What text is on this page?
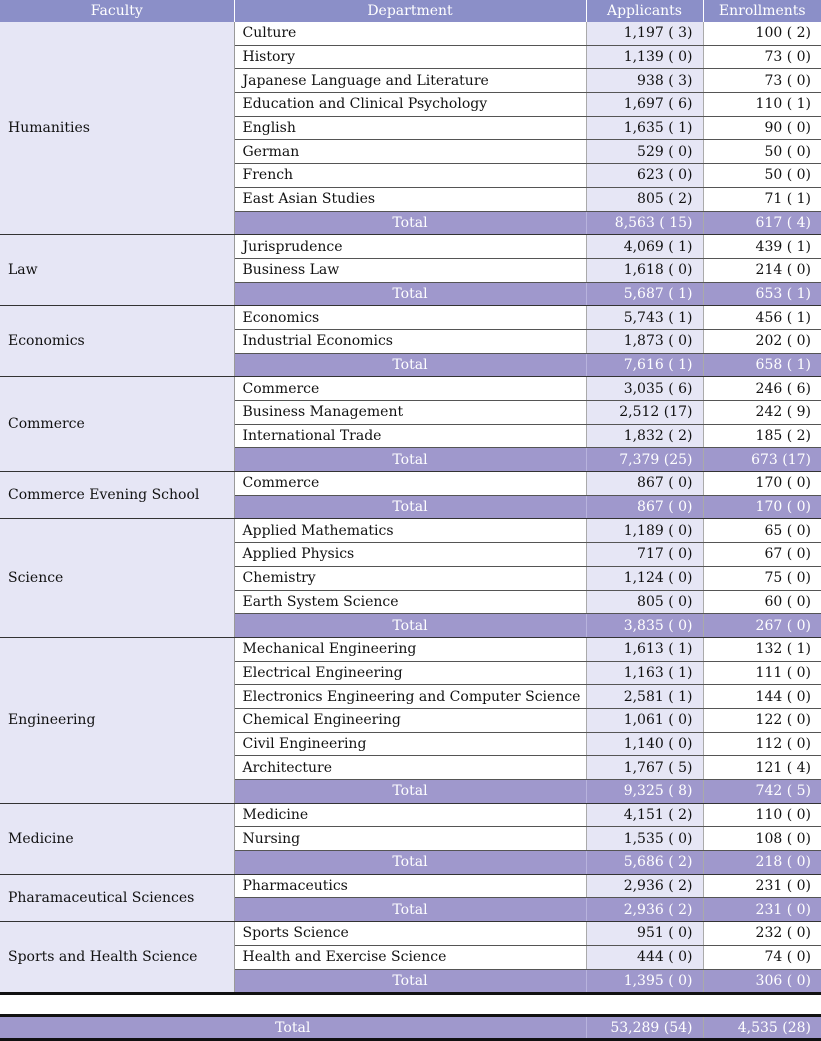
Faculty	Department	Applicants	Enrollments
Humanities	Culture	1,197 ( 3)	100 ( 2)
	History	1,139 ( 0)	73 ( 0)
	Japanese Language and Literature	938 ( 3)	73 ( 0)
	Education and Clinical Psychology	1,697 ( 6)	110 ( 1)
	English	1,635 ( 1)	90 ( 0)
	German	529 ( 0)	50 ( 0)
	French	623 ( 0)	50 ( 0)
	East Asian Studies	805 ( 2)	71 ( 1)
	Total	8,563 ( 15)	617 ( 4)
Law	Jurisprudence	4,069 ( 1)	439 ( 1)
	Business Law	1,618 ( 0)	214 ( 0)
	Total	5,687 ( 1)	653 ( 1)
Economics	Economics	5,743 ( 1)	456 ( 1)
	Industrial Economics	1,873 ( 0)	202 ( 0)
	Total	7,616 ( 1)	658 ( 1)
Commerce	Commerce	3,035 ( 6)	246 ( 6)
	Business Management	2,512 (17)	242 ( 9)
	International Trade	1,832 ( 2)	185 ( 2)
	Total	7,379 (25)	673 (17)
Commerce Evening School	Commerce	867 ( 0)	170 ( 0)
	Total	867 ( 0)	170 ( 0)
Science	Applied Mathematics	1,189 ( 0)	65 ( 0)
	Applied Physics	717 ( 0)	67 ( 0)
	Chemistry	1,124 ( 0)	75 ( 0)
	Earth System Science	805 ( 0)	60 ( 0)
	Total	3,835 ( 0)	267 ( 0)
Engineering	Mechanical Engineering	1,613 ( 1)	132 ( 1)
	Electrical Engineering	1,163 ( 1)	111 ( 0)
	Electronics Engineering and Computer Science	2,581 ( 1)	144 ( 0)
	Chemical Engineering	1,061 ( 0)	122 ( 0)
	Civil Engineering	1,140 ( 0)	112 ( 0)
	Architecture	1,767 ( 5)	121 ( 4)
	Total	9,325 ( 8)	742 ( 5)
Medicine	Medicine	4,151 ( 2)	110 ( 0)
	Nursing	1,535 ( 0)	108 ( 0)
	Total	5,686 ( 2)	218 ( 0)
Pharamaceutical Sciences	Pharmaceutics	2,936 ( 2)	231 ( 0)
	Total	2,936 ( 2)	231 ( 0)
Sports and Health Science	Sports Science	951 ( 0)	232 ( 0)
	Health and Exercise Science	444 ( 0)	74 ( 0)
	Total	1,395 ( 0)	306 ( 0)

Total		53,289 (54)	4,535 (28)
